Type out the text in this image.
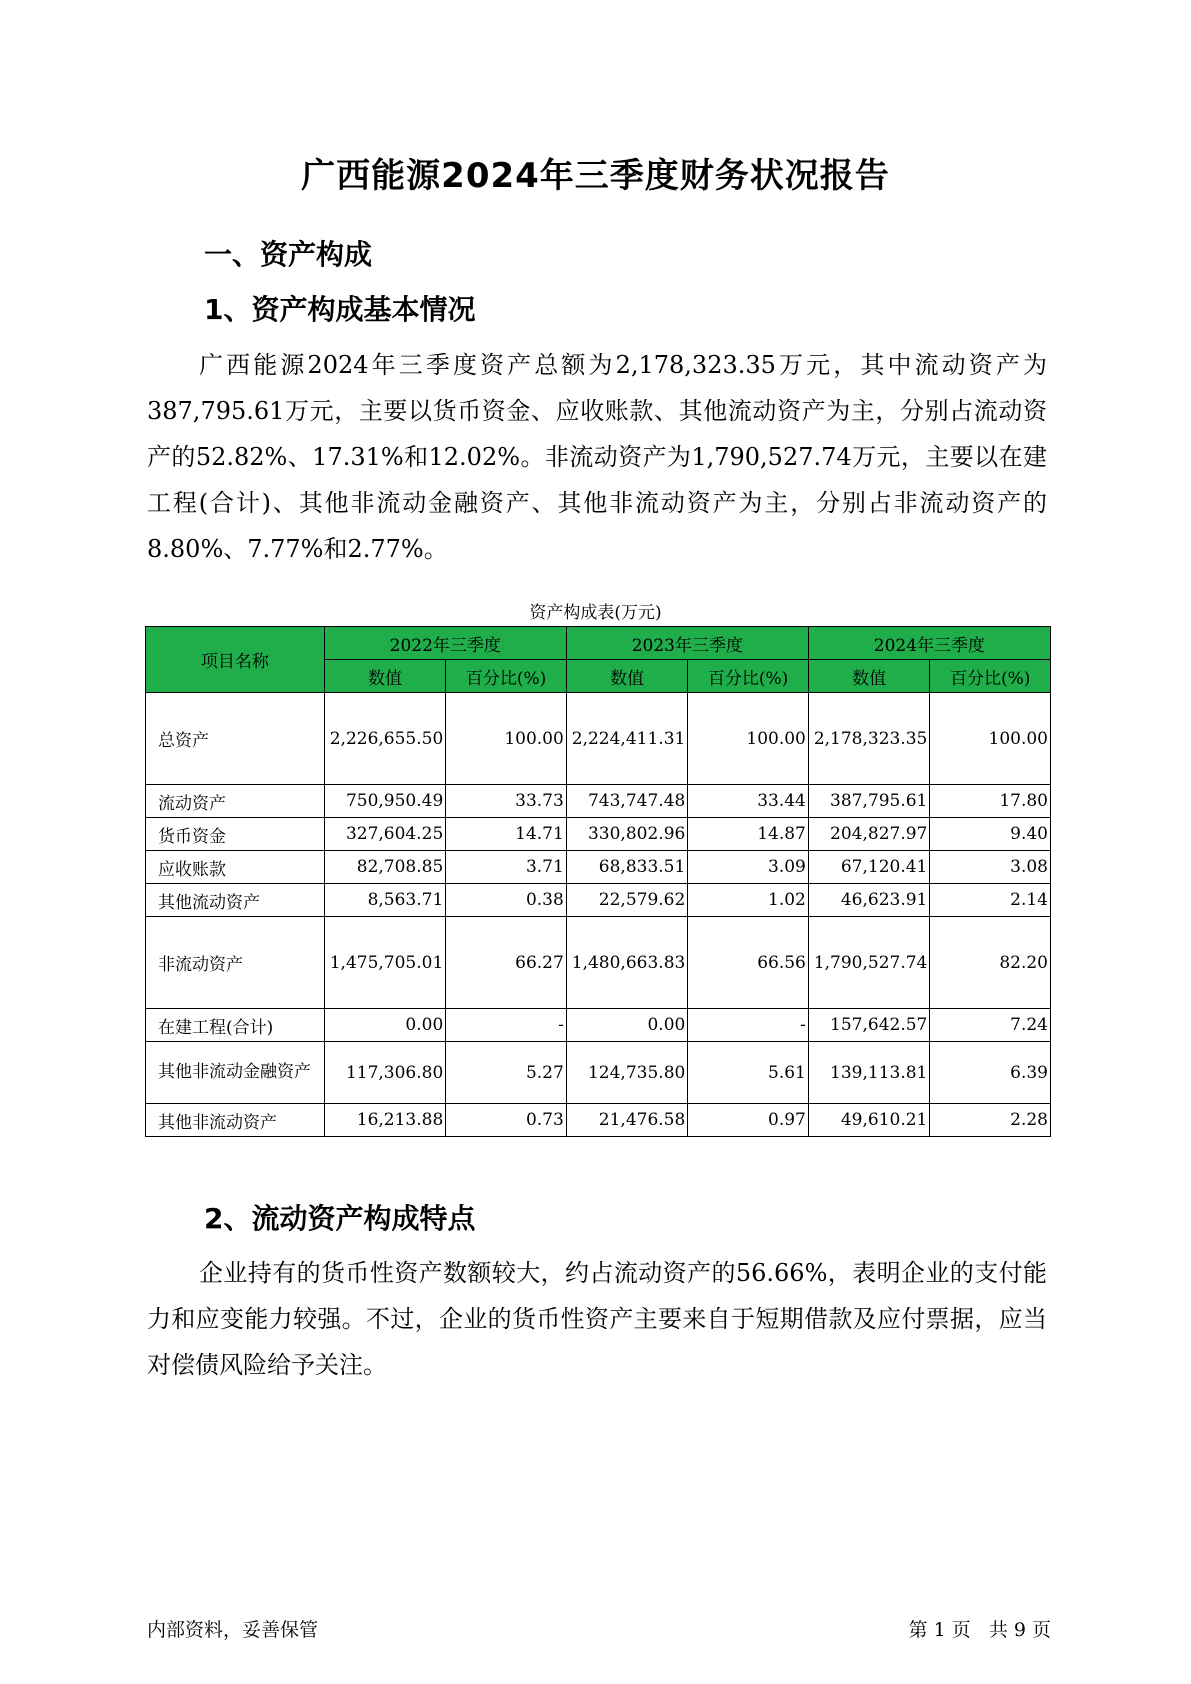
广西能源2024年三季度财务状况报告
一、资产构成
1、资产构成基本情况

广西能源2024年三季度资产总额为2,178,323.35万元，其中流动资产为387,795.61万元，主要以货币资金、应收账款、其他流动资产为主，分别占流动资产的52.82%、17.31%和12.02%。非流动资产为1,790,527.74万元，主要以在建工程(合计)、其他非流动金融资产、其他非流动资产为主，分别占非流动资产的8.80%、7.77%和2.77%。

资产构成表(万元)
项目名称	2022年三季度		2023年三季度		2024年三季度	
	数值	百分比(%)	数值	百分比(%)	数值	百分比(%)
总资产	2,226,655.50	100.00	2,224,411.31	100.00	2,178,323.35	100.00
流动资产	750,950.49	33.73	743,747.48	33.44	387,795.61	17.80
货币资金	327,604.25	14.71	330,802.96	14.87	204,827.97	9.40
应收账款	82,708.85	3.71	68,833.51	3.09	67,120.41	3.08
其他流动资产	8,563.71	0.38	22,579.62	1.02	46,623.91	2.14
非流动资产	1,475,705.01	66.27	1,480,663.83	66.56	1,790,527.74	82.20
在建工程(合计)	0.00	-	0.00	-	157,642.57	7.24
其他非流动金融资产	117,306.80	5.27	124,735.80	5.61	139,113.81	6.39
其他非流动资产	16,213.88	0.73	21,476.58	0.97	49,610.21	2.28
2、流动资产构成特点

企业持有的货币性资产数额较大，约占流动资产的56.66%，表明企业的支付能力和应变能力较强。不过，企业的货币性资产主要来自于短期借款及应付票据，应当对偿债风险给予关注。

内部资料，妥善保管	第 1 页   共 9 页
